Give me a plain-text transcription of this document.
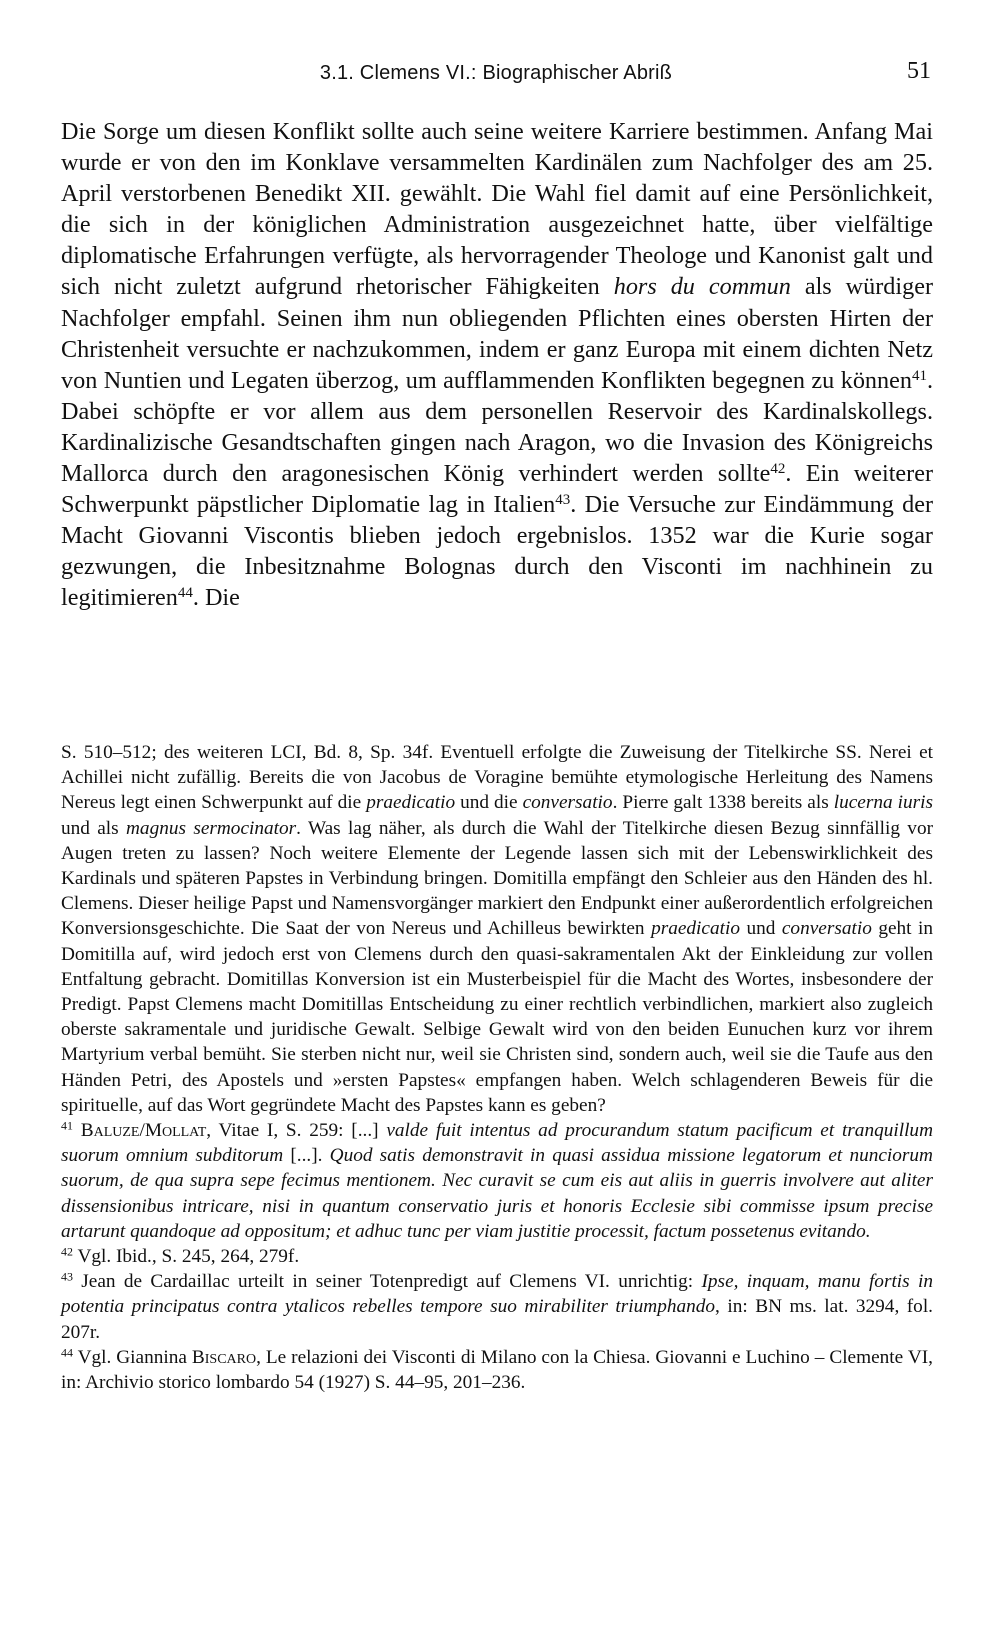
3.1. Clemens VI.: Biographischer Abriß	51

Die Sorge um diesen Konflikt sollte auch seine weitere Karriere bestimmen. Anfang Mai wurde er von den im Konklave versammelten Kardinälen zum Nachfolger des am 25. April verstorbenen Benedikt XII. gewählt. Die Wahl fiel damit auf eine Persönlichkeit, die sich in der königlichen Administration ausgezeichnet hatte, über vielfältige diplomatische Erfahrungen verfügte, als hervorragender Theologe und Kanonist galt und sich nicht zuletzt aufgrund rhetorischer Fähigkeiten hors du commun als würdiger Nachfolger empfahl. Seinen ihm nun obliegenden Pflichten eines obersten Hirten der Christenheit versuchte er nachzukommen, indem er ganz Europa mit einem dichten Netz von Nuntien und Legaten überzog, um aufflammenden Konflikten begegnen zu können$^{41}$. Dabei schöpfte er vor allem aus dem personellen Reservoir des Kardinalskollegs. Kardinalizische Gesandtschaften gingen nach Aragon, wo die Invasion des Königreichs Mallorca durch den aragonesischen König verhindert werden sollte$^{42}$. Ein weiterer Schwerpunkt päpstlicher Diplomatie lag in Italien$^{43}$. Die Versuche zur Eindämmung der Macht Giovanni Viscontis blieben jedoch ergebnislos. 1352 war die Kurie sogar gezwungen, die Inbesitznahme Bolognas durch den Visconti im nachhinein zu legitimieren$^{44}$. Die

S. 510–512; des weiteren LCI, Bd. 8, Sp. 34f. Eventuell erfolgte die Zuweisung der Titelkirche SS. Nerei et Achillei nicht zufällig. Bereits die von Jacobus de Voragine bemühte etymologische Herleitung des Namens Nereus legt einen Schwerpunkt auf die praedicatio und die conversatio. Pierre galt 1338 bereits als lucerna iuris und als magnus sermocinator. Was lag näher, als durch die Wahl der Titelkirche diesen Bezug sinnfällig vor Augen treten zu lassen? Noch weitere Elemente der Legende lassen sich mit der Lebenswirklichkeit des Kardinals und späteren Papstes in Verbindung bringen. Domitilla empfängt den Schleier aus den Händen des hl. Clemens. Dieser heilige Papst und Namensvorgänger markiert den Endpunkt einer außerordentlich erfolgreichen Konversionsgeschichte. Die Saat der von Nereus und Achilleus bewirkten praedicatio und conversatio geht in Domitilla auf, wird jedoch erst von Clemens durch den quasi-sakramentalen Akt der Einkleidung zur vollen Entfaltung gebracht. Domitillas Konversion ist ein Musterbeispiel für die Macht des Wortes, insbesondere der Predigt. Papst Clemens macht Domitillas Entscheidung zu einer rechtlich verbindlichen, markiert also zugleich oberste sakramentale und juridische Gewalt. Selbige Gewalt wird von den beiden Eunuchen kurz vor ihrem Martyrium verbal bemüht. Sie sterben nicht nur, weil sie Christen sind, sondern auch, weil sie die Taufe aus den Händen Petri, des Apostels und »ersten Papstes« empfangen haben. Welch schlagenderen Beweis für die spirituelle, auf das Wort gegründete Macht des Papstes kann es geben?

$^{41}$ Baluze/Mollat, Vitae I, S. 259: [...] valde fuit intentus ad procurandum statum pacificum et tranquillum suorum omnium subditorum [...]. Quod satis demonstravit in quasi assidua missione legatorum et nunciorum suorum, de qua supra sepe fecimus mentionem. Nec curavit se cum eis aut aliis in guerris involvere aut aliter dissensionibus intricare, nisi in quantum conservatio juris et honoris Ecclesie sibi commisse ipsum precise artarunt quandoque ad oppositum; et adhuc tunc per viam justitie processit, factum possetenus evitando.

$^{42}$ Vgl. Ibid., S. 245, 264, 279f.

$^{43}$ Jean de Cardaillac urteilt in seiner Totenpredigt auf Clemens VI. unrichtig: Ipse, inquam, manu fortis in potentia principatus contra ytalicos rebelles tempore suo mirabiliter triumphando, in: BN ms. lat. 3294, fol. 207r.

$^{44}$ Vgl. Giannina Biscaro, Le relazioni dei Visconti di Milano con la Chiesa. Giovanni e Luchino – Clemente VI, in: Archivio storico lombardo 54 (1927) S. 44–95, 201–236.
